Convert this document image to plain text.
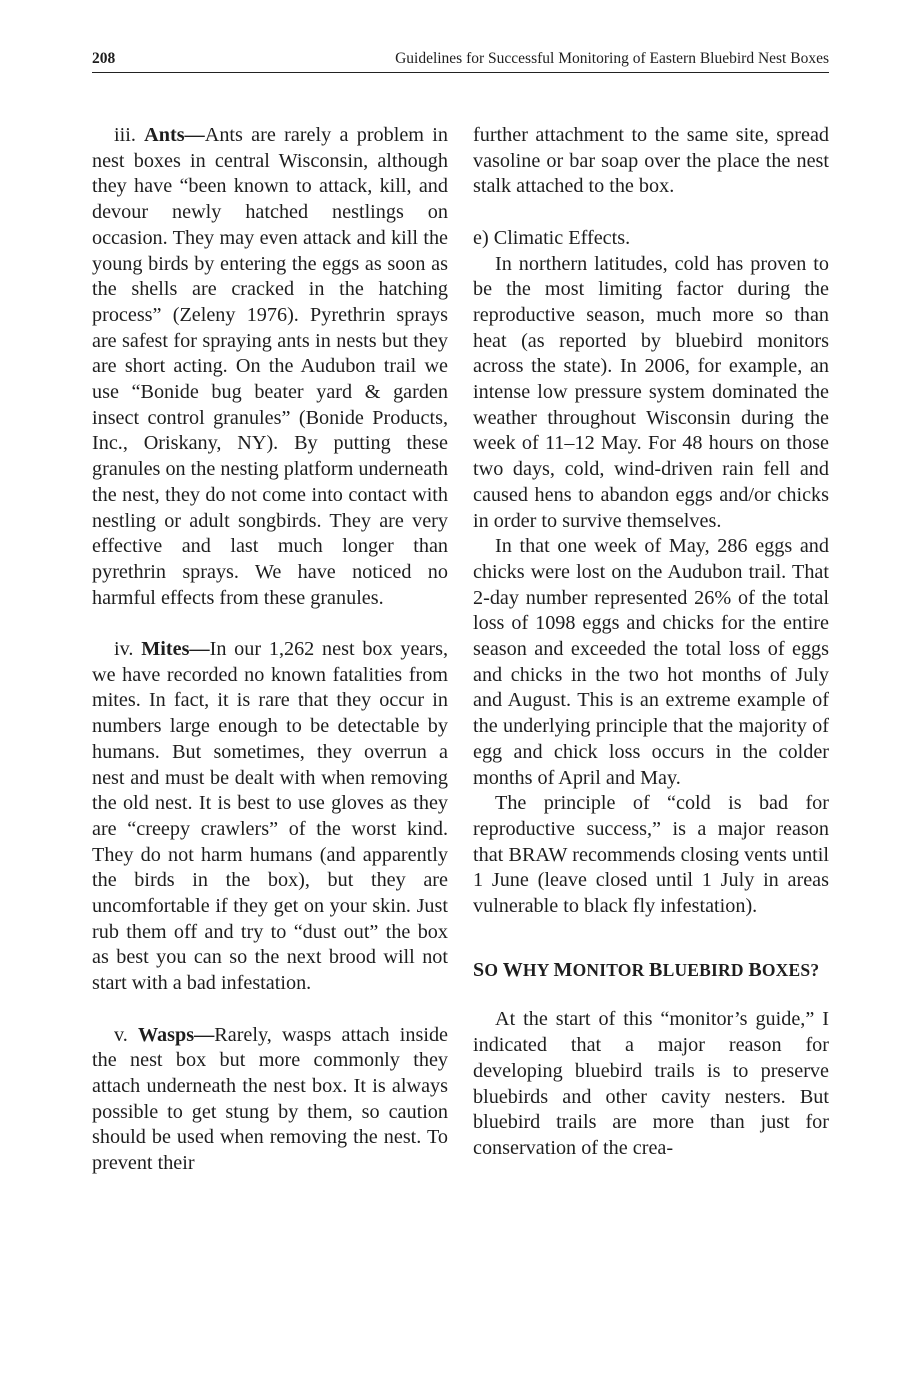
208	Guidelines for Successful Monitoring of Eastern Bluebird Nest Boxes

iii. Ants—Ants are rarely a problem in nest boxes in central Wisconsin, although they have “been known to attack, kill, and devour newly hatched nestlings on occasion. They may even attack and kill the young birds by entering the eggs as soon as the shells are cracked in the hatching process” (Zeleny 1976). Pyrethrin sprays are safest for spraying ants in nests but they are short acting. On the Audubon trail we use “Bonide bug beater yard & garden insect control granules” (Bonide Products, Inc., Oriskany, NY). By putting these granules on the nesting platform underneath the nest, they do not come into contact with nestling or adult songbirds. They are very effective and last much longer than pyrethrin sprays. We have noticed no harmful effects from these granules.

iv. Mites—In our 1,262 nest box years, we have recorded no known fatalities from mites. In fact, it is rare that they occur in numbers large enough to be detectable by humans. But sometimes, they overrun a nest and must be dealt with when removing the old nest. It is best to use gloves as they are “creepy crawlers” of the worst kind. They do not harm humans (and apparently the birds in the box), but they are uncomfortable if they get on your skin. Just rub them off and try to “dust out” the box as best you can so the next brood will not start with a bad infestation.

v. Wasps—Rarely, wasps attach inside the nest box but more commonly they attach underneath the nest box. It is always possible to get stung by them, so caution should be used when removing the nest. To prevent their

further attachment to the same site, spread vasoline or bar soap over the place the nest stalk attached to the box.

e) Climatic Effects.

In northern latitudes, cold has proven to be the most limiting factor during the reproductive season, much more so than heat (as reported by bluebird monitors across the state). In 2006, for example, an intense low pressure system dominated the weather throughout Wisconsin during the week of 11–12 May. For 48 hours on those two days, cold, wind-driven rain fell and caused hens to abandon eggs and/or chicks in order to survive themselves.

In that one week of May, 286 eggs and chicks were lost on the Audubon trail. That 2-day number represented 26% of the total loss of 1098 eggs and chicks for the entire season and exceeded the total loss of eggs and chicks in the two hot months of July and August. This is an extreme example of the underlying principle that the majority of egg and chick loss occurs in the colder months of April and May.

The principle of “cold is bad for reproductive success,” is a major reason that BRAW recommends closing vents until 1 June (leave closed until 1 July in areas vulnerable to black fly infestation).

SO WHY MONITOR BLUEBIRD BOXES?

At the start of this “monitor’s guide,” I indicated that a major reason for developing bluebird trails is to preserve bluebirds and other cavity nesters. But bluebird trails are more than just for conservation of the crea-
